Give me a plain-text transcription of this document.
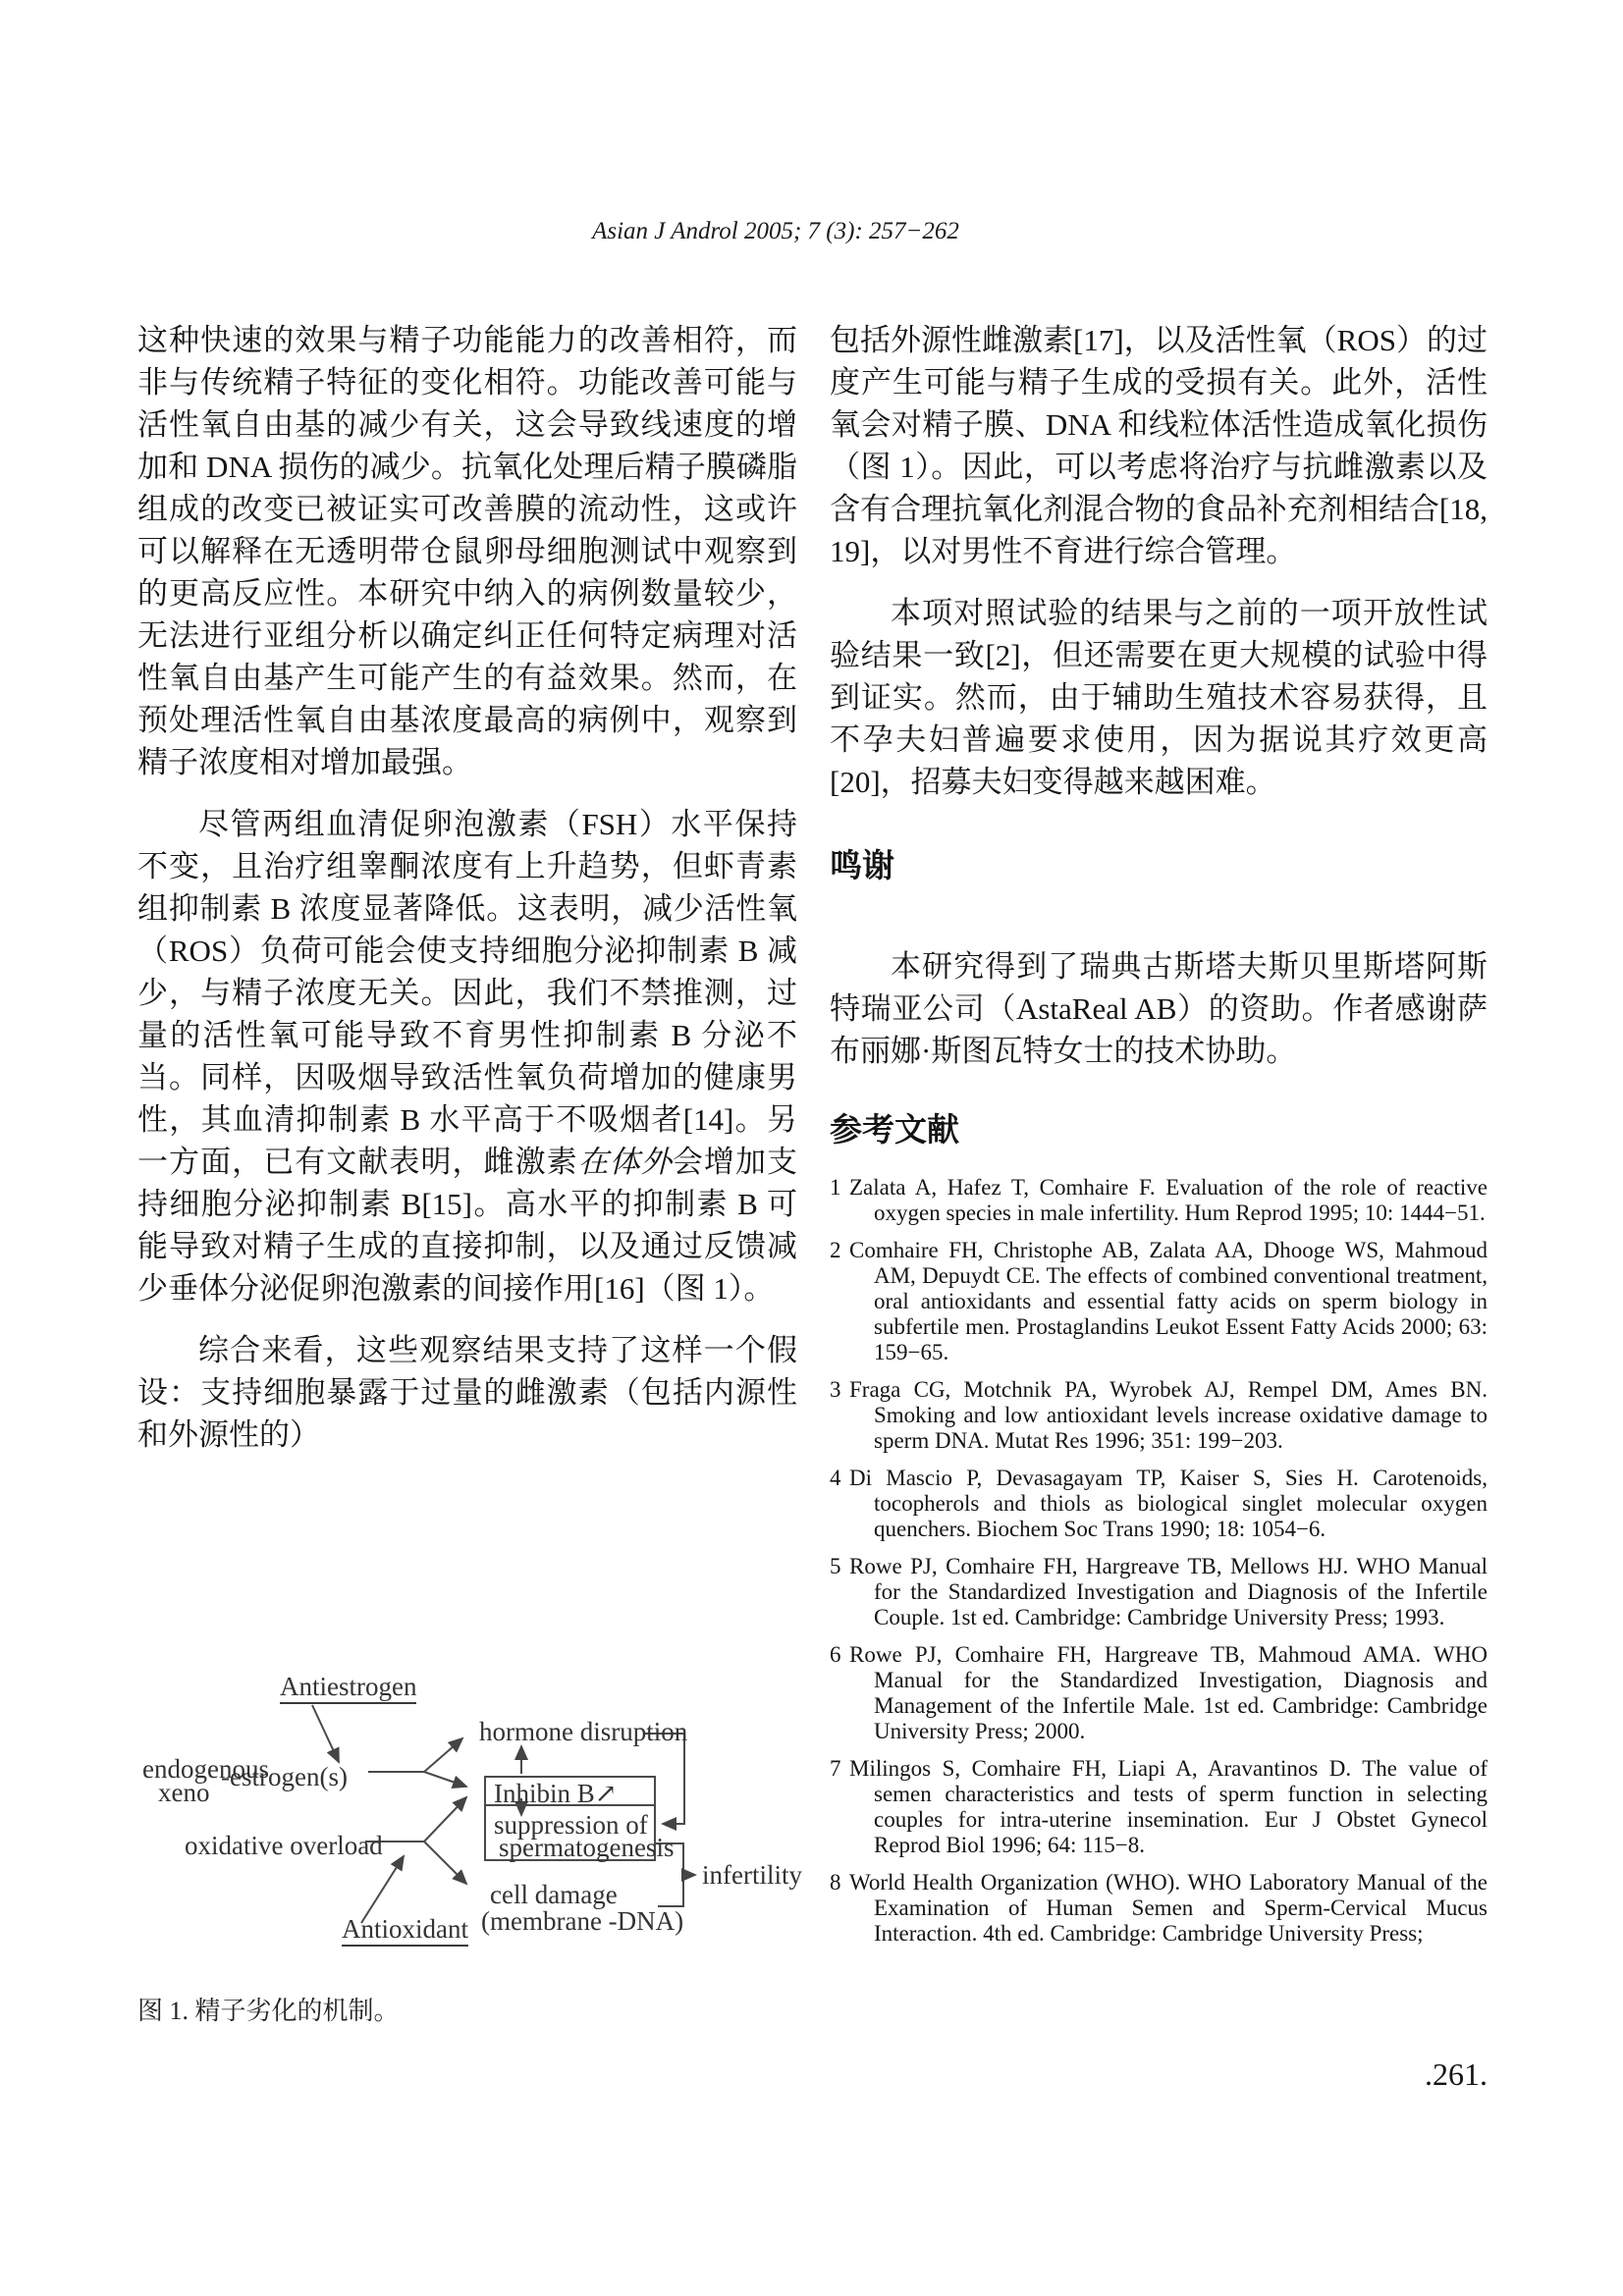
Asian J Androl 2005; 7 (3): 257−262

这种快速的效果与精子功能能力的改善相符，而非与传统精子特征的变化相符。功能改善可能与活性氧自由基的减少有关，这会导致线速度的增加和 DNA 损伤的减少。抗氧化处理后精子膜磷脂组成的改变已被证实可改善膜的流动性，这或许可以解释在无透明带仓鼠卵母细胞测试中观察到的更高反应性。本研究中纳入的病例数量较少，无法进行亚组分析以确定纠正任何特定病理对活性氧自由基产生可能产生的有益效果。然而，在预处理活性氧自由基浓度最高的病例中，观察到精子浓度相对增加最强。

尽管两组血清促卵泡激素（FSH）水平保持不变，且治疗组睾酮浓度有上升趋势，但虾青素组抑制素 B 浓度显著降低。这表明，减少活性氧（ROS）负荷可能会使支持细胞分泌抑制素 B 减少，与精子浓度无关。因此，我们不禁推测，过量的活性氧可能导致不育男性抑制素 B 分泌不当。同样，因吸烟导致活性氧负荷增加的健康男性，其血清抑制素 B 水平高于不吸烟者[14]。另一方面，已有文献表明，雌激素在体外会增加支持细胞分泌抑制素 B[15]。高水平的抑制素 B 可能导致对精子生成的直接抑制，以及通过反馈减少垂体分泌促卵泡激素的间接作用[16]（图 1）。

综合来看，这些观察结果支持了这样一个假设：支持细胞暴露于过量的雌激素（包括内源性和外源性的）

包括外源性雌激素[17]，以及活性氧（ROS）的过度产生可能与精子生成的受损有关。此外，活性氧会对精子膜、DNA 和线粒体活性造成氧化损伤（图 1）。因此，可以考虑将治疗与抗雌激素以及含有合理抗氧化剂混合物的食品补充剂相结合[18, 19]，以对男性不育进行综合管理。

本项对照试验的结果与之前的一项开放性试验结果一致[2]，但还需要在更大规模的试验中得到证实。然而，由于辅助生殖技术容易获得，且不孕夫妇普遍要求使用，因为据说其疗效更高[20]，招募夫妇变得越来越困难。

鸣谢

本研究得到了瑞典古斯塔夫斯贝里斯塔阿斯特瑞亚公司（AstaReal AB）的资助。作者感谢萨布丽娜·斯图瓦特女士的技术协助。

参考文献
1 Zalata A, Hafez T, Comhaire F. Evaluation of the role of reactive oxygen species in male infertility. Hum Reprod 1995; 10: 1444−51.
2 Comhaire FH, Christophe AB, Zalata AA, Dhooge WS, Mahmoud AM, Depuydt CE. The effects of combined conventional treatment, oral antioxidants and essential fatty acids on sperm biology in subfertile men. Prostaglandins Leukot Essent Fatty Acids 2000; 63: 159−65.
3 Fraga CG, Motchnik PA, Wyrobek AJ, Rempel DM, Ames BN. Smoking and low antioxidant levels increase oxidative damage to sperm DNA. Mutat Res 1996; 351: 199−203.
4 Di Mascio P, Devasagayam TP, Kaiser S, Sies H. Carotenoids, tocopherols and thiols as biological singlet molecular oxygen quenchers. Biochem Soc Trans 1990; 18: 1054−6.
5 Rowe PJ, Comhaire FH, Hargreave TB, Mellows HJ. WHO Manual for the Standardized Investigation and Diagnosis of the Infertile Couple. 1st ed. Cambridge: Cambridge University Press; 1993.
6 Rowe PJ, Comhaire FH, Hargreave TB, Mahmoud AMA. WHO Manual for the Standardized Investigation, Diagnosis and Management of the Infertile Male. 1st ed. Cambridge: Cambridge University Press; 2000.
7 Milingos S, Comhaire FH, Liapi A, Aravantinos D. The value of semen characteristics and tests of sperm function in selecting couples for intra-uterine insemination. Eur J Obstet Gynecol Reprod Biol 1996; 64: 115−8.
8 World Health Organization (WHO). WHO Laboratory Manual of the Examination of Human Semen and Sperm-Cervical Mucus Interaction. 4th ed. Cambridge: Cambridge University Press;
Antiestrogen
endogenous
xeno
-estrogen(s)
oxidative overload
Antioxidant
hormone disruption
Inhibin B↗
suppression of
spermatogenesis
cell damage
(membrane -DNA)
infertility
图 1. 精子劣化的机制。
.261.
